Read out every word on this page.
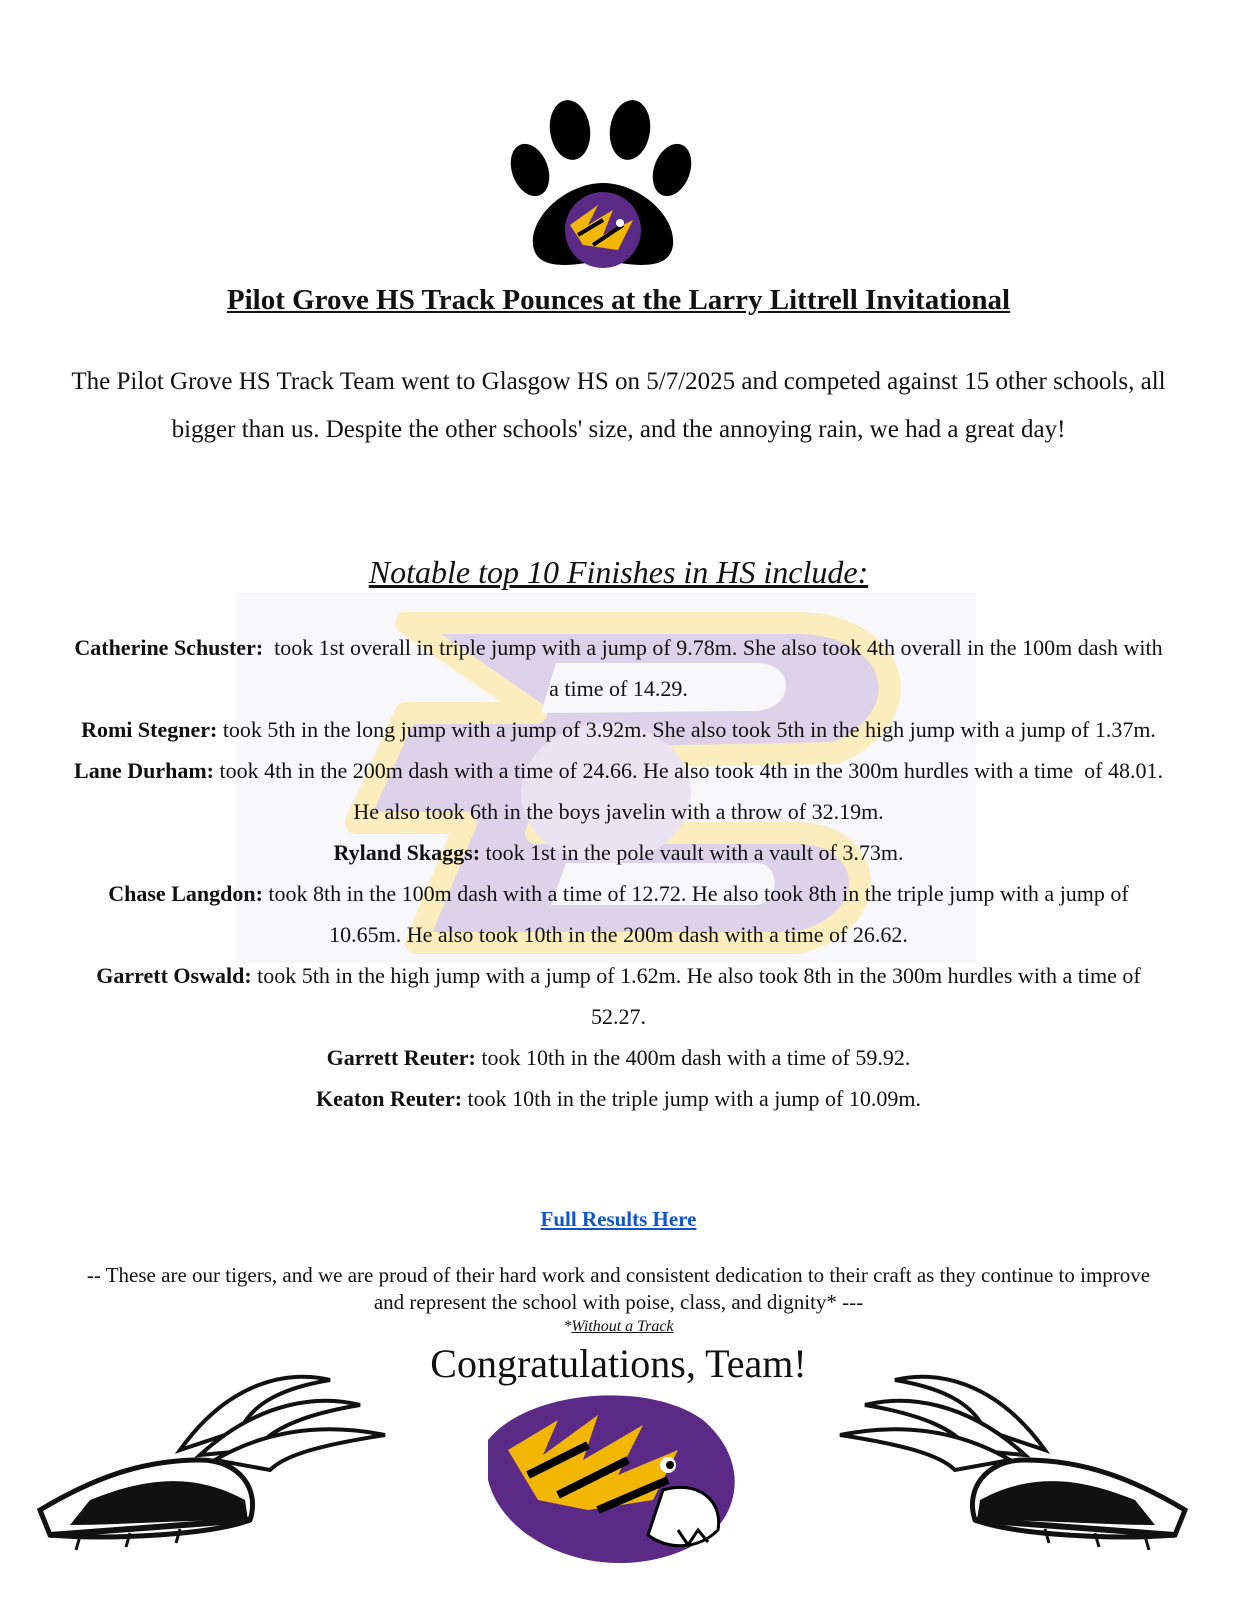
Pilot Grove HS Track Pounces at the Larry Littrell Invitational
The Pilot Grove HS Track Team went to Glasgow HS on 5/7/2025 and competed against 15 other schools, all bigger than us. Despite the other schools' size, and the annoying rain, we had a great day!
Notable top 10 Finishes in HS include:
Catherine Schuster:  took 1st overall in triple jump with a jump of 9.78m. She also took 4th overall in the 100m dash with a time of 14.29.
Romi Stegner: took 5th in the long jump with a jump of 3.92m. She also took 5th in the high jump with a jump of 1.37m.
Lane Durham: took 4th in the 200m dash with a time of 24.66. He also took 4th in the 300m hurdles with a time  of 48.01. He also took 6th in the boys javelin with a throw of 32.19m.
Ryland Skaggs: took 1st in the pole vault with a vault of 3.73m.
Chase Langdon: took 8th in the 100m dash with a time of 12.72. He also took 8th in the triple jump with a jump of 10.65m. He also took 10th in the 200m dash with a time of 26.62.
Garrett Oswald: took 5th in the high jump with a jump of 1.62m. He also took 8th in the 300m hurdles with a time of 52.27.
Garrett Reuter: took 10th in the 400m dash with a time of 59.92.
Keaton Reuter: took 10th in the triple jump with a jump of 10.09m.
Full Results Here
-- These are our tigers, and we are proud of their hard work and consistent dedication to their craft as they continue to improve and represent the school with poise, class, and dignity* ---
*Without a Track
Congratulations, Team!
